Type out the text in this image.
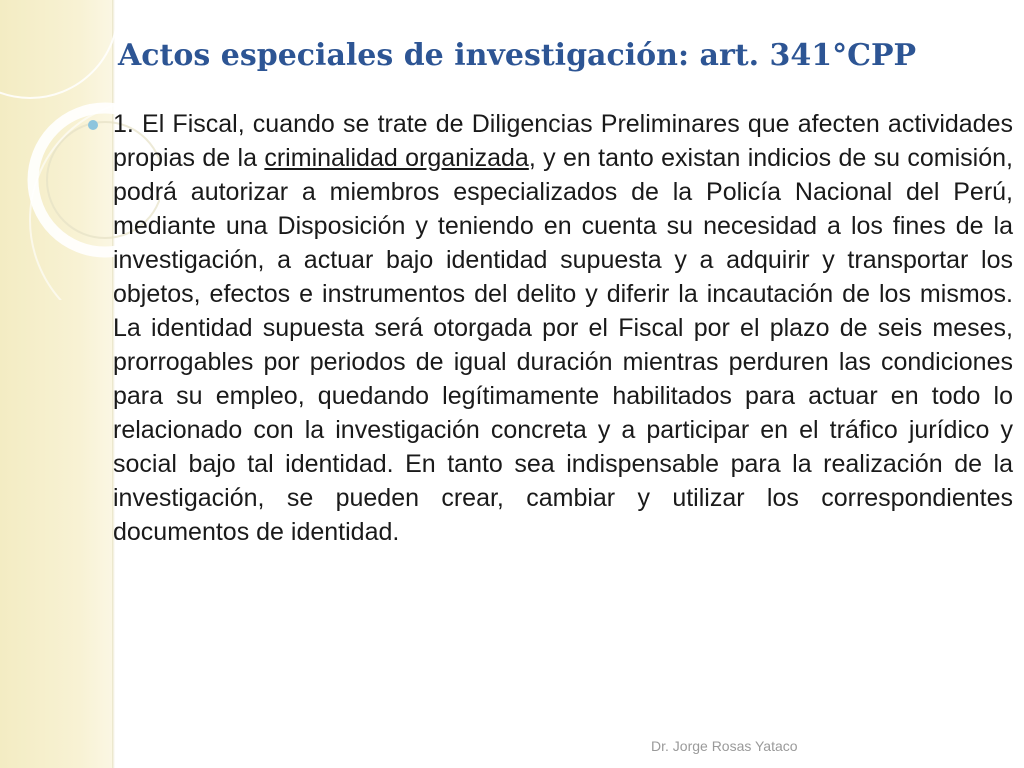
Actos especiales de investigación: art. 341°CPP

1. El Fiscal, cuando se trate de Diligencias Preliminares que afecten actividades propias de la criminalidad organizada, y en tanto existan indicios de su comisión, podrá autorizar a miembros especializados de la Policía Nacional del Perú, mediante una Disposición y teniendo en cuenta su necesidad a los fines de la investigación, a actuar bajo identidad supuesta y a adquirir y transportar los objetos, efectos e instrumentos del delito y diferir la incautación de los mismos. La identidad supuesta será otorgada por el Fiscal por el plazo de seis meses, prorrogables por periodos de igual duración mientras perduren las condiciones para su empleo, quedando legítimamente habilitados para actuar en todo lo relacionado con la investigación concreta y a participar en el tráfico jurídico y social bajo tal identidad. En tanto sea indispensable para la realización de la investigación, se pueden crear, cambiar y utilizar los correspondientes documentos de identidad.

Dr. Jorge Rosas Yataco
